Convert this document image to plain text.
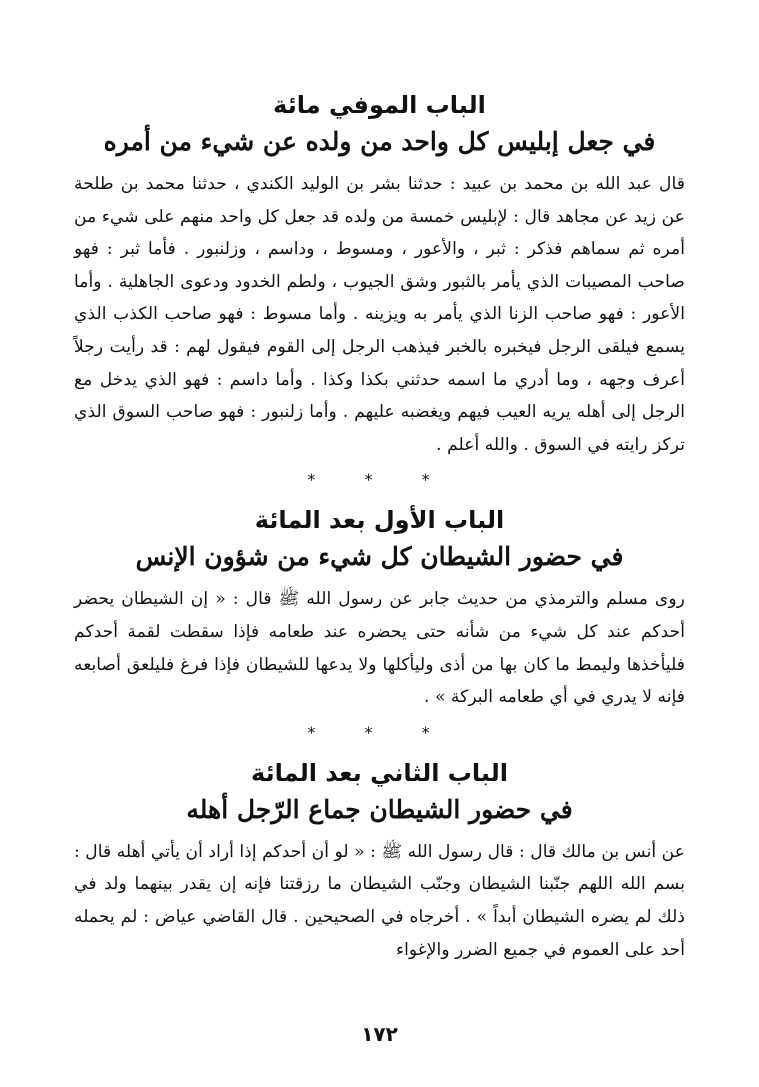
الباب الموفي مائة
في جعل إبليس كل واحد من ولده عن شيء من أمره

قال عبد الله بن محمد بن عبيد : حدثنا بشر بن الوليد الكندي ، حدثنا محمد بن طلحة عن زيد عن مجاهد قال : لإبليس خمسة من ولده قد جعل كل واحد منهم على شيء من أمره ثم سماهم فذكر : ثبر ، والأعور ، ومسوط ، وداسم ، وزلنبور . فأما ثبر : فهو صاحب المصيبات الذي يأمر بالثبور وشق الجيوب ، ولطم الخدود ودعوى الجاهلية . وأما الأعور : فهو صاحب الزنا الذي يأمر به ويزينه . وأما مسوط : فهو صاحب الكذب الذي يسمع فيلقى الرجل فيخبره بالخبر فيذهب الرجل إلى القوم فيقول لهم : قد رأيت رجلاً أعرف وجهه ، وما أدري ما اسمه حدثني بكذا وكذا . وأما داسم : فهو الذي يدخل مع الرجل إلى أهله يريه العيب فيهم ويغضبه عليهم . وأما زلنبور : فهو صاحب السوق الذي تركز رايته في السوق . والله أعلم .

* * *
الباب الأول بعد المائة
في حضور الشيطان كل شيء من شؤون الإنس

روى مسلم والترمذي من حديث جابر عن رسول الله ﷺ قال : « إن الشيطان يحضر أحدكم عند كل شيء من شأنه حتى يحضره عند طعامه فإذا سقطت لقمة أحدكم فليأخذها وليمط ما كان بها من أذى وليأكلها ولا يدعها للشيطان فإذا فرغ فليلعق أصابعه فإنه لا يدري في أي طعامه البركة » .

* * *
الباب الثاني بعد المائة
في حضور الشيطان جماع الرّجل أهله

عن أنس بن مالك قال : قال رسول الله ﷺ : « لو أن أحدكم إذا أراد أن يأتي أهله قال : بسم الله اللهم جنّبنا الشيطان وجنّب الشيطان ما رزقتنا فإنه إن يقدر بينهما ولد في ذلك لم يضره الشيطان أبداً » . أخرجاه في الصحيحين . قال القاضي عياض : لم يحمله أحد على العموم في جميع الضرر والإغواء

١٧٢
